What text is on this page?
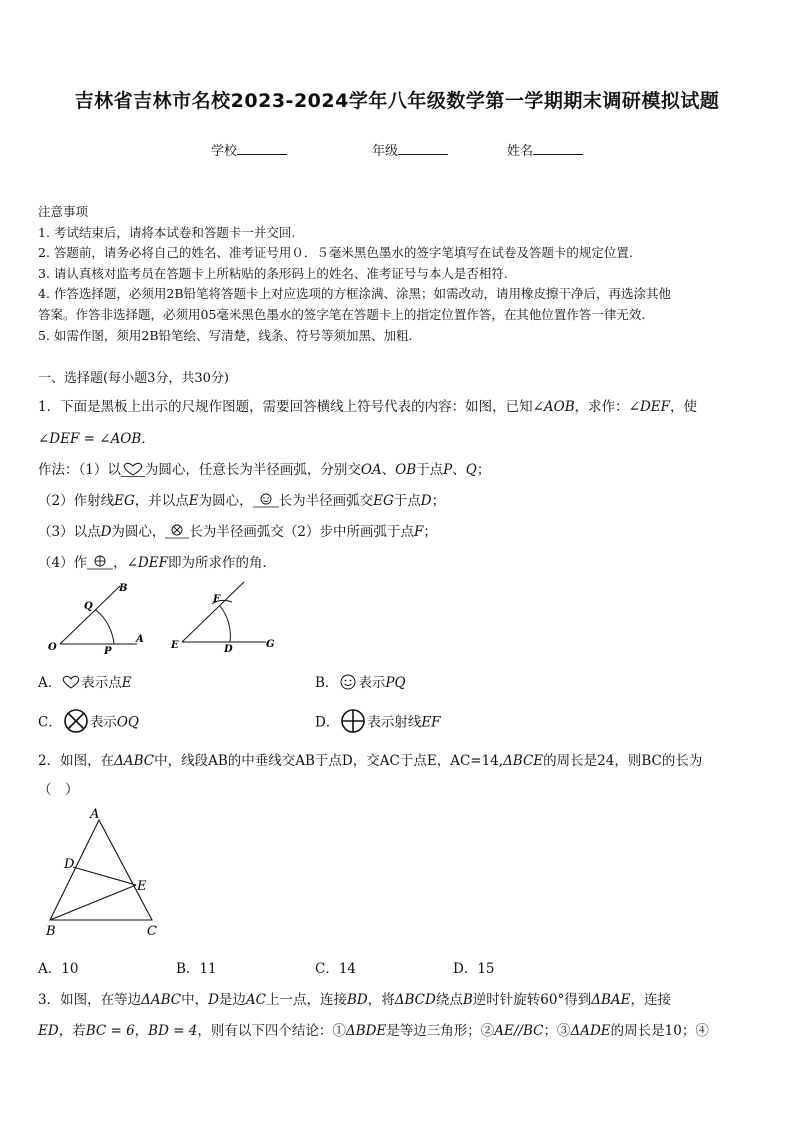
吉林省吉林市名校2023-2024学年八年级数学第一学期期末调研模拟试题
学校	年级	姓名
注意事项
1. 考试结束后，请将本试卷和答题卡一并交回.
2. 答题前，请务必将自己的姓名、准考证号用０．５毫米黑色墨水的签字笔填写在试卷及答题卡的规定位置.
3. 请认真核对监考员在答题卡上所粘贴的条形码上的姓名、准考证号与本人是否相符.
4. 作答选择题，必须用2B铅笔将答题卡上对应选项的方框涂满、涂黑；如需改动，请用橡皮擦干净后，再选涂其他
答案。作答非选择题，必须用05毫米黑色墨水的签字笔在答题卡上的指定位置作答，在其他位置作答一律无效.
5. 如需作图，须用2B铅笔绘、写清楚，线条、符号等须加黑、加粗.
一、选择题(每小题3分，共30分)
1．下面是黑板上出示的尺规作图题，需要回答横线上符号代表的内容：如图，已知∠AOB，求作：∠DEF，使
∠DEF = ∠AOB．
作法：（1）以 为圆心，任意长为半径画弧，分别交OA、OB于点P、Q；
（2）作射线EG，并以点E为圆心， 长为半径画弧交EG于点D；
（3）以点D为圆心， 长为半径画弧交（2）步中所画弧于点F；
（4）作 ，∠DEF即为所求作的角．
B
Q
O	P
A
F
E	D	G
A． 表示点E	B． 表示PQ
C． 表示OQ	D． 表示射线EF
2．如图，在ΔABC中，线段AB的中垂线交AB于点D，交AC于点E，AC=14,ΔBCE的周长是24，则BC的长为
（　）
A
D
E
B	C
A．10	B．11	C．14	D．15
3．如图，在等边ΔABC中，D是边AC上一点，连接BD，将ΔBCD绕点B逆时针旋转60°得到ΔBAE，连接
ED，若BC = 6，BD = 4，则有以下四个结论：①ΔBDE是等边三角形；②AE//BC；③ΔADE的周长是10；④
